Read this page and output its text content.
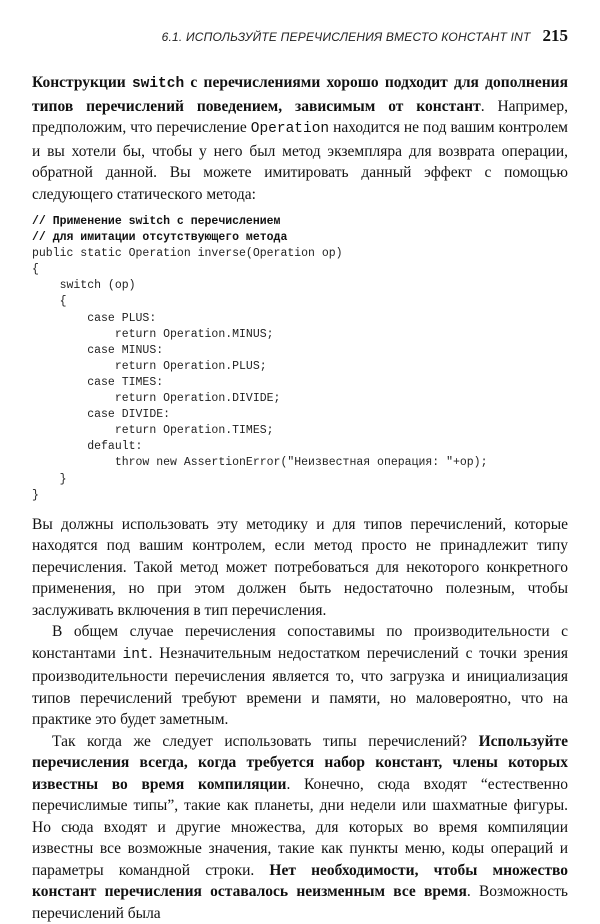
6.1. ИСПОЛЬЗУЙТЕ ПЕРЕЧИСЛЕНИЯ ВМЕСТО КОНСТАНТ INT 215

Конструкции switch с перечислениями хорошо подходит для дополнения типов перечислений поведением, зависимым от констант. Например, предположим, что перечисление Operation находится не под вашим контролем и вы хотели бы, чтобы у него был метод экземпляра для возврата операции, обратной данной. Вы можете имитировать данный эффект с помощью следующего статического метода:

// Применение switch с перечислением
// для имитации отсутствующего метода
public static Operation inverse(Operation op)
{
switch (op)
{
case PLUS:
return Operation.MINUS;
case MINUS:
return Operation.PLUS;
case TIMES:
return Operation.DIVIDE;
case DIVIDE:
return Operation.TIMES;
default:
throw new AssertionError("Неизвестная операция: "+op);
}
}

Вы должны использовать эту методику и для типов перечислений, которые находятся под вашим контролем, если метод просто не принадлежит типу перечисления. Такой метод может потребоваться для некоторого конкретного применения, но при этом должен быть недостаточно полезным, чтобы заслуживать включения в тип перечисления.

В общем случае перечисления сопоставимы по производительности с константами int. Незначительным недостатком перечислений с точки зрения производительности перечисления является то, что загрузка и инициализация типов перечислений требуют времени и памяти, но маловероятно, что на практике это будет заметным.

Так когда же следует использовать типы перечислений? Используйте перечисления всегда, когда требуется набор констант, члены которых известны во время компиляции. Конечно, сюда входят “естественно перечислимые типы”, такие как планеты, дни недели или шахматные фигуры. Но сюда входят и другие множества, для которых во время компиляции известны все возможные значения, такие как пункты меню, коды операций и параметры командной строки. Нет необходимости, чтобы множество констант перечисления оставалось неизменным все время. Возможность перечислений была
